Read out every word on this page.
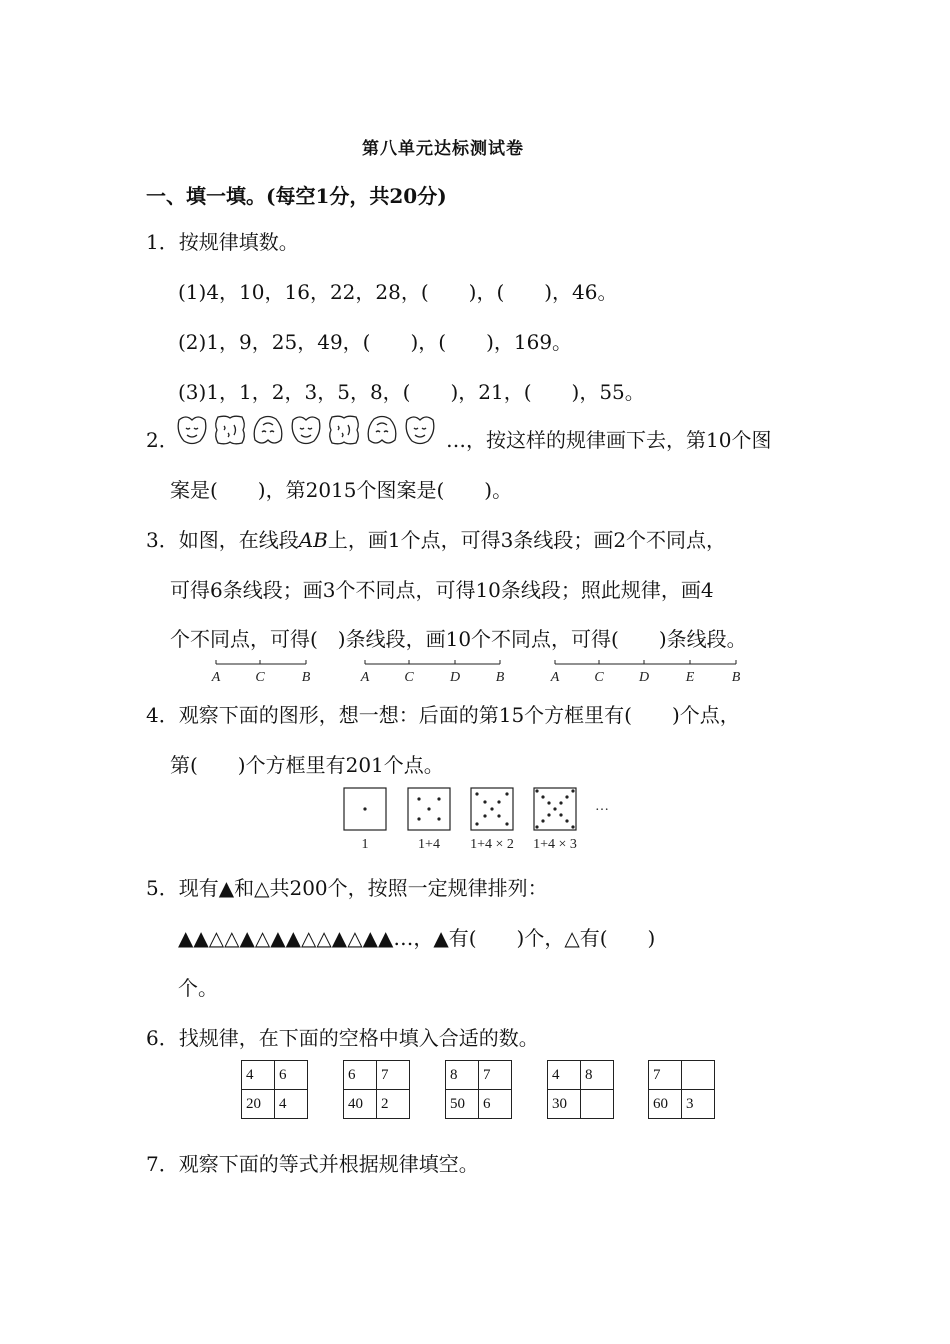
第八单元达标测试卷
一、填一填。(每空1分，共20分)
1．按规律填数。
(1)4，10，16，22，28，(　　)，(　　)，46。
(2)1，9，25，49，(　　)，(　　)，169。
(3)1，1，2，3，5，8，(　　)，21，(　　)，55。
2．	…，按这样的规律画下去，第10个图
案是(　　)，第2015个图案是(　　)。
3．如图，在线段AB上，画1个点，可得3条线段；画2个不同点，
可得6条线段；画3个不同点，可得10条线段；照此规律，画4
个不同点，可得(　)条线段，画10个不同点，可得(　　)条线段。
A	C	B	A	C	D	B	A	C	D	E	B
4．观察下面的图形，想一想：后面的第15个方框里有(　　)个点，
第(　　)个方框里有201个点。
1	1+4 1+4 × 2 1+4 × 3
…
5．现有▲和△共200个，按照一定规律排列：
▲▲△△▲△▲▲△△▲△▲▲…，▲有(　　)个，△有(　　)
个。
6．找规律，在下面的空格中填入合适的数。
4	6
20	4
6	7
40	2
8	7
50	6
4	8
30	
7	
60	3
7．观察下面的等式并根据规律填空。
